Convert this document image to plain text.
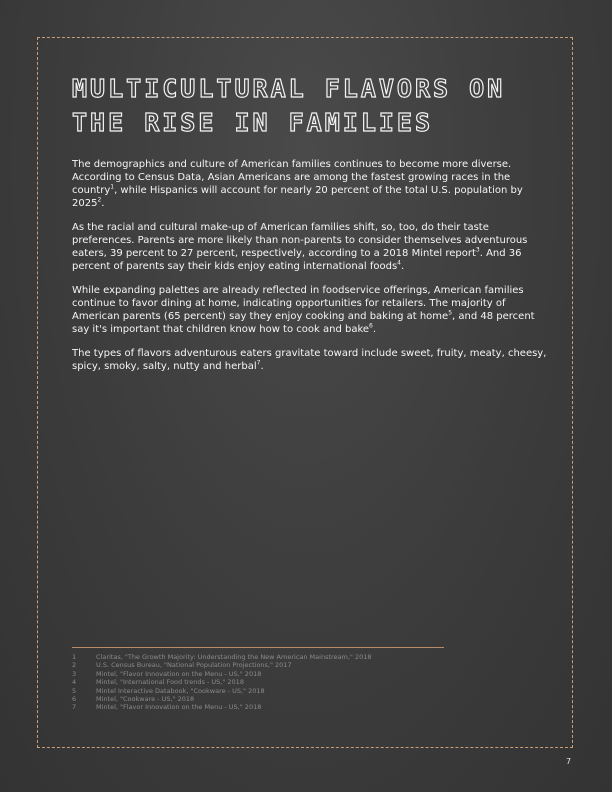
MULTICULTURAL FLAVORS ON THE RISE IN FAMILIES

The demographics and culture of American families continues to become more diverse. According to Census Data, Asian Americans are among the fastest growing races in the country$^1$, while Hispanics will account for nearly 20 percent of the total U.S. population by 2025$^2$.

As the racial and cultural make-up of American families shift, so, too, do their taste preferences. Parents are more likely than non-parents to consider themselves adventurous eaters, 39 percent to 27 percent, respectively, according to a 2018 Mintel report$^3$. And 36 percent of parents say their kids enjoy eating international foods$^4$.

While expanding palettes are already reflected in foodservice offerings, American families continue to favor dining at home, indicating opportunities for retailers. The majority of American parents (65 percent) say they enjoy cooking and baking at home$^5$, and 48 percent say it's important that children know how to cook and bake$^6$.

The types of flavors adventurous eaters gravitate toward include sweet, fruity, meaty, cheesy, spicy, smoky, salty, nutty and herbal$^7$.

1	Claritas, "The Growth Majority: Understanding the New American Mainstream," 2018
2	U.S. Census Bureau, "National Population Projections," 2017
3	Mintel, "Flavor Innovation on the Menu - US," 2018
4	Mintel, "International Food trends - US," 2018
5	Mintel Interactive Databook, "Cookware - US," 2018
6	Mintel, "Cookware - US," 2018
7	Mintel, "Flavor Innovation on the Menu - US," 2018
7
